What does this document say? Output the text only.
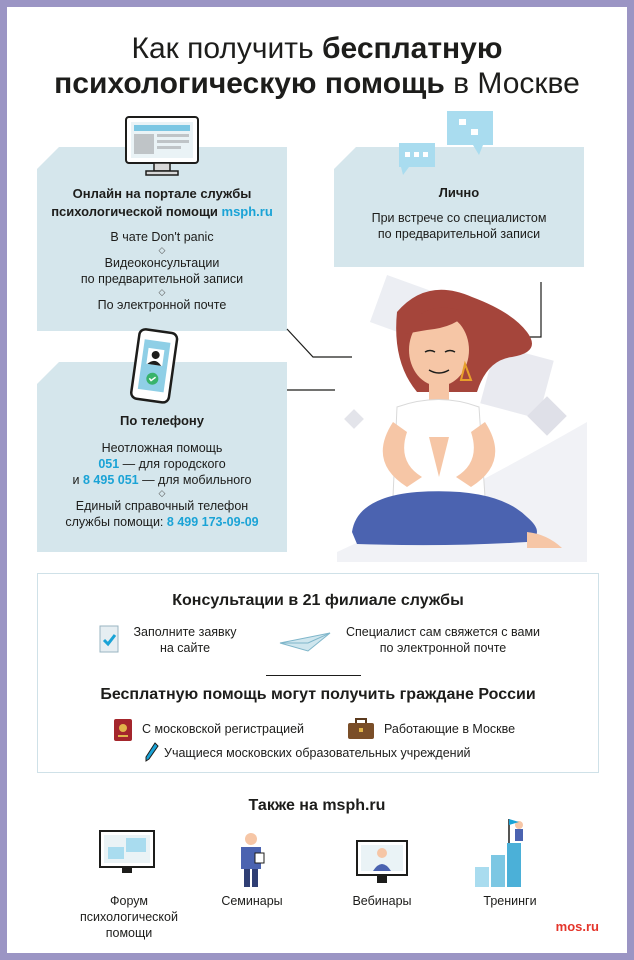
Как получить бесплатную
психологическую помощь в Москве
Онлайн на портале службы
психологической помощи msph.ru

В чате Don't panic

◇

Видеоконсультации

по предварительной записи

◇

По электронной почте

Лично
При встрече со специалистом
по предварительной записи
По телефону
Неотложная помощь
051 — для городского
и 8 495 051 — для мобильного
◇
Единый справочный телефон
службы помощи: 8 499 173-09-09
Консультации в 21 филиале службы
Заполните заявку
на сайте
Специалист сам свяжется с вами
по электронной почте
Бесплатную помощь могут получить граждане России
С московской регистрацией	Работающие в Москве
Учащиеся московских образовательных учреждений
Также на msph.ru
Форум
психологической
помощи
Семинары	Вебинары	Тренинги
mos.ru
